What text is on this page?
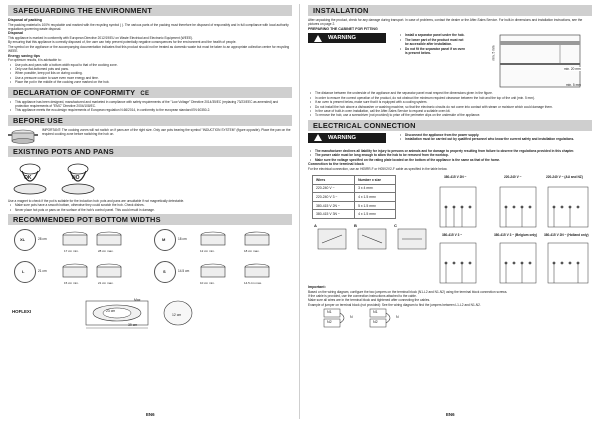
SAFEGUARDING THE ENVIRONMENT
Disposal of packing
The packing material is 100% recyclable and marked with the recycling symbol ( ). The various parts of the packing must therefore be disposed of responsibly and in full compliance with local authority regulations governing waste disposal.
Disposal
This appliance is marked in conformity with European Directive 2012/19/EU on Waste Electrical and Electronic Equipment (WEEE).
By ensuring that this appliance is correctly disposed of, the user can help prevent potentially negative consequences for the environment and the health of people.
The symbol on the appliance or the accompanying documentation indicates that this product should not be treated as domestic waste but must be taken to an appropriate collection centre for recycling WEEE.
Energy saving tips
For optimum results, it is advisable to:
• Use pots and pans with a bottom width equal to that of the cooking zone.
• Only use flat-bottomed pots and pans.
• When possible, keep pot lids on during cooking.
• Use a pressure cooker to save even more energy and time.
• Place the pot in the middle of the cooking zone marked on the hob.
DECLARATION OF CONFORMITY CE
• This appliance has been designed, manufactured and marketed in compliance with safety requirements of the "Low Voltage" Directive 2014/35/EC (replacing 73/23/EEC as amended) and protection requirements of "EMC" Directive 2004/108/EC.
• This appliance meets the eco-design requirements of European regulation N.66/2014, in conformity to the european standard EN 60350-2.
BEFORE USE
IMPORTANT: The cooking zones will not switch on if pans are of the right size. Only use pots bearing the symbol "INDUCTION SYSTEM" (figure opposite). Place the pan on the required cooking zone before switching the hob on.
EXISTING POTS AND PANS
OK	NO
Use a magnet to check if the pot is suitable for the induction hob: pots and pans are unsuitable if not magnetically detectable.
• Make sure pots have a smooth bottom, otherwise they could scratch the hob. Check dishes.
• Never place hot pots or pans on the surface of the hob's control panel. This could result in damage.
RECOMMENDED POT BOTTOM WIDTHS
XL	28 cm
17 cm min.	28 cm max.
M	18 cm
12 cm min.	18 cm max.
L	21 cm
15 cm min.	21 cm max.
S	14.5 cm
10 cm min.	14.5 cm max.
HOFLEXI
Max
23 cm
39 cm
12 cm
EN6
INSTALLATION
After unpacking the product, check for any damage during transport. In case of problems, contact the dealer or the After-Sales Service. For built-in dimensions and installation instructions, see the pictures on page 2.
PREPARING THE CABINET FOR FITTING
WARNING	• Install a separator panel under the hob.
• The lower part of the product must not be accessible after installation.
• Do not fit the separator panel if an oven is present below.	min. 5 mm
min. 20 mm
min. 5 mm
• The distance between the underside of the appliance and the separator panel must respect the dimensions given in the figure.
• In order to ensure the correct operation of the product, do not obstruct the minimum required clearance between the hob and the top of the unit (min. 5 mm).
• If an oven is present below, make sure that it is equipped with a cooling system.
• Do not install the hob above a dishwasher or washing machine, so that the electronic circuits do not come into contact with steam or moisture which could damage them.
• In the case of built-in oven installation, call the After-Sales Service to request a suitable oven kit.
• To remove the hob, use a screwdriver (not provided) to prise off the perimeter clips on the underside of the appliance.
ELECTRICAL CONNECTION
WARNING	• Disconnect the appliance from the power supply.
• Installation must be carried out by qualified personnel who know the current safety and installation regulations.
• The manufacturer declines all liability for injury to persons or animals and for damage to property resulting from failure to observe the regulations provided in this chapter.
• The power cable must be long enough to allow the hob to be removed from the worktop.
• Make sure the voltage specified on the rating plate located on the bottom of the appliance is the same as that of the home.
Connection to the terminal block
For the electrical connection, use an H05RR-F or H05V2V2-F cable as specified in the table below.
Wires	Number x size
220-240 V ~	3 x 4 mm²
220-240 V 3 ~	4 x 1.5 mm²
380-415 V 2N ~	5 x 1.5 mm²
380-415 V 3N ~	4 x 1.5 mm²
380-415 V 2N ~	220-240 V ~	220-240 V ~ (AU and NZ)
380-415 V 3 ~	380-415 V 3 ~ (Belgium only) 380-415 V 2N ~ (Holland only)
A	B	C
Important:
Based on the wiring diagram, configure the two jumpers on the terminal block (N1-L2 and N1-N2) using the terminal block connection screws.
If the cable is provided, use the connection instructions attached to the cable.
Make sure all wires are in the terminal block and tightened after connecting the cables.
Example of jumper on terminal block (not provided): See the wiring diagram to find the jumpers between L1-L2 and N1-N2.
N1
N2
N
N1
N2
N
EN6
